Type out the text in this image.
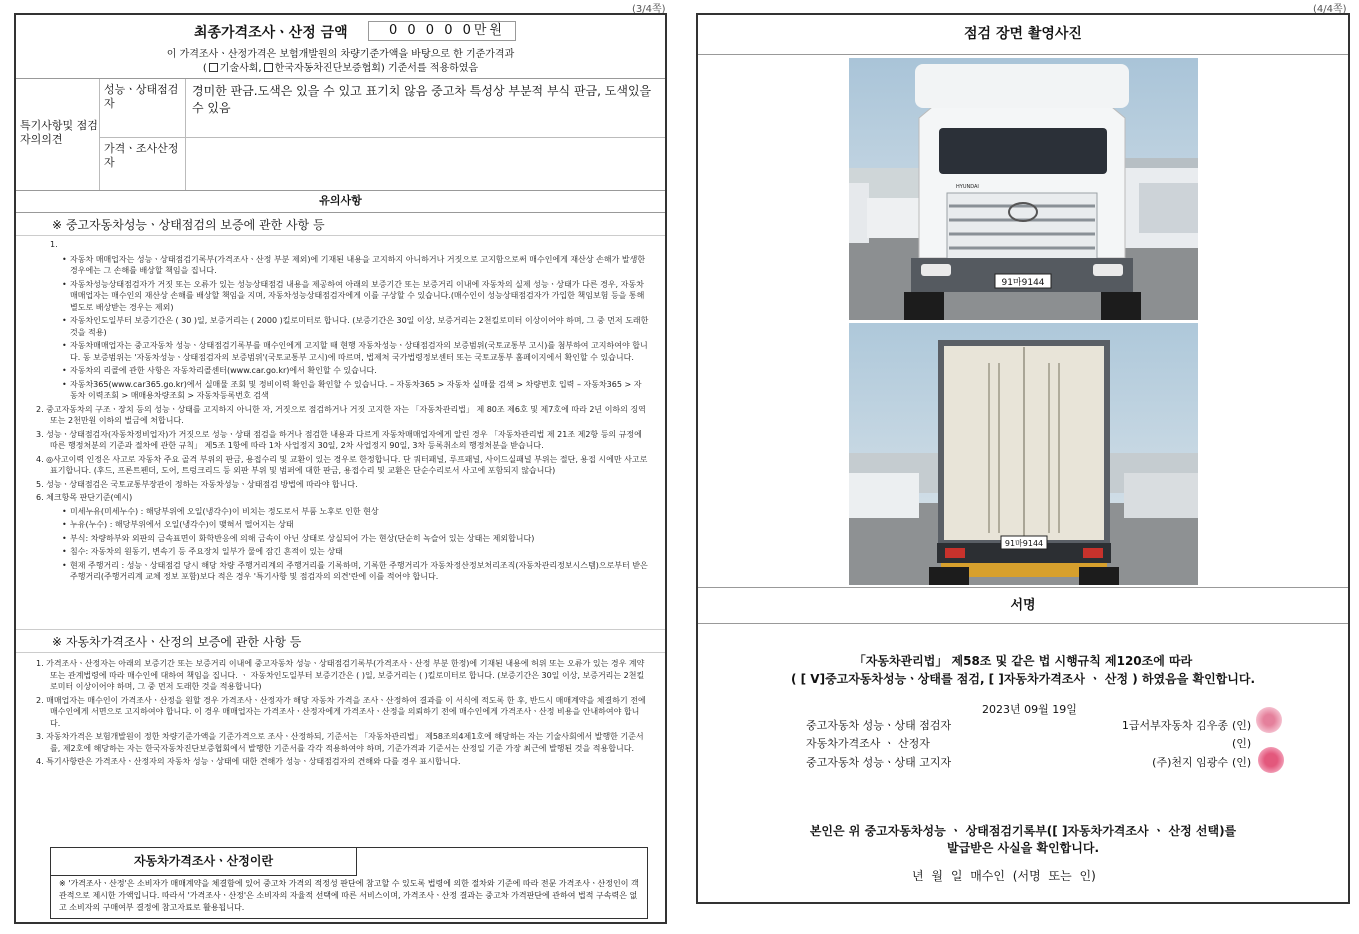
(3/4쪽)	(4/4쪽)
최종가격조사ㆍ산정 금액	0 0 0 0 0만원
이 가격조사ㆍ산정가격은 보험개발원의 차량기준가액을 바탕으로 한 기준가격과
( 기술사회, 한국자동차진단보증협회) 기준서를 적용하였음
특기사항및 점검자의의견
성능ㆍ상태점검자
경미한 판금.도색은 있을 수 있고 표기치 않음 중고차 특성상 부분적 부식 판금, 도색있을 수 있음
가격ㆍ조사산정자
유의사항
※ 중고자동차성능ㆍ상태점검의 보증에 관한 사항 등
1.
• 자동차 매매업자는 성능ㆍ상태점검기록부(가격조사ㆍ산정 부분 제외)에 기재된 내용을 고지하지 아니하거나 거짓으로 고지함으로써 매수인에게 재산상 손해가 발생한 경우에는 그 손해를 배상할 책임을 집니다.
• 자동차성능상태점검자가 거짓 또는 오류가 있는 성능상태점검 내용을 제공하여 아래의 보증기간 또는 보증거리 이내에 자동차의 실제 성능ㆍ상태가 다른 경우, 자동차매매업자는 매수인의 재산상 손해를 배상할 책임을 지며, 자동차성능상태점검자에게 이를 구상할 수 있습니다.(매수인이 성능상태점검자가 가입한 책임보험 등을 통해 별도로 배상받는 경우는 제외)
• 자동차인도일부터 보증기간은 ( 30 )일, 보증거리는 ( 2000 )킬로미터로 합니다. (보증기간은 30일 이상, 보증거리는 2천킬로미터 이상이어야 하며, 그 중 먼저 도래한 것을 적용)
• 자동차매매업자는 중고자동차 성능ㆍ상태점검기록부를 매수인에게 고지할 때 현행 자동차성능ㆍ상태점검자의 보증범위(국토교통부 고시)를 첨부하여 고지하여야 합니다. 동 보증범위는 '자동차성능ㆍ상태점검자의 보증범위'(국토교통부 고시)에 따르며, 법제처 국가법령정보센터 또는 국토교통부 홈페이지에서 확인할 수 있습니다.
• 자동차의 리콜에 관한 사항은 자동차리콜센터(www.car.go.kr)에서 확인할 수 있습니다.
• 자동차365(www.car365.go.kr)에서 실매물 조회 및 정비이력 확인을 확인할 수 있습니다. – 자동차365 > 자동차 실매물 검색 > 차량번호 입력 – 자동차365 > 자동차 이력조회 > 매매용차량조회 > 자동차등록번호 검색
2. 중고자동차의 구조ㆍ장치 등의 성능ㆍ상태를 고지하지 아니한 자, 거짓으로 점검하거나 거짓 고지한 자는 「자동차관리법」 제 80조 제6호 및 제7호에 따라 2년 이하의 징역 또는 2천만원 이하의 벌금에 처합니다.
3. 성능ㆍ상태점검자(자동차정비업자)가 거짓으로 성능ㆍ상태 점검을 하거나 점검한 내용과 다르게 자동차매매업자에게 알린 경우 「자동차관리법 제 21조 제2항 등의 규정에 따른 행정처분의 기준과 절차에 관한 규칙」 제5조 1항에 따라 1차 사업정지 30일, 2차 사업정지 90일, 3차 등록취소의 행정처분을 받습니다.
4. ◎사고이력 인정은 사고로 자동차 주요 골격 부위의 판금, 용접수리 및 교환이 있는 경우로 한정합니다. 단 쿼터패널, 루프패널, 사이드실패널 부위는 절단, 용접 시에만 사고로 표기합니다. (후드, 프론트펜더, 도어, 트렁크리드 등 외판 부위 및 범퍼에 대한 판금, 용접수리 및 교환은 단순수리로서 사고에 포함되지 않습니다)
5. 성능ㆍ상태점검은 국토교통부장관이 정하는 자동차성능ㆍ상태점검 방법에 따라야 합니다.
6. 체크항목 판단기준(예시)
• 미세누유(미세누수) : 해당부위에 오일(냉각수)이 비치는 정도로서 부품 노후로 인한 현상
• 누유(누수) : 해당부위에서 오일(냉각수)이 맺혀서 떨어지는 상태
• 부식: 차량하부와 외판의 금속표면이 화학반응에 의해 금속이 아닌 상태로 상실되어 가는 현상(단순히 녹슬어 있는 상태는 제외합니다)
• 침수: 자동차의 원동기, 변속기 등 주요장치 일부가 물에 잠긴 흔적이 있는 상태
• 현재 주행거리 : 성능ㆍ상태점검 당시 해당 차량 주행거리계의 주행거리를 기록하며, 기록한 주행거리가 자동차정산정보처리조직(자동차관리정보시스템)으로부터 받은 주행거리(주행거리계 교체 정보 포함)보다 적은 경우 '특기사항 및 점검자의 의견'란에 이를 적어야 합니다.
※ 자동차가격조사ㆍ산정의 보증에 관한 사항 등
1. 가격조사ㆍ산정자는 아래의 보증기간 또는 보증거리 이내에 중고자동차 성능ㆍ상태점검기록부(가격조사ㆍ산정 부분 한정)에 기재된 내용에 허위 또는 오류가 있는 경우 계약 또는 관계법령에 따라 매수인에 대하여 책임을 집니다. ㆍ 자동차인도일부터 보증기간은 ( )일, 보증거리는 ( )킬로미터로 합니다. (보증기간은 30일 이상, 보증거리는 2천킬로미터 이상이어야 하며, 그 중 먼저 도래한 것을 적용합니다)
2. 매매업자는 매수인이 가격조사ㆍ산정을 원할 경우 가격조사ㆍ산정자가 해당 자동차 가격을 조사ㆍ산정하여 결과를 이 서식에 적도록 한 후, 반드시 매매계약을 체결하기 전에 매수인에게 서면으로 고지하여야 합니다. 이 경우 매매업자는 가격조사ㆍ산정자에게 가격조사ㆍ산정을 의뢰하기 전에 매수인에게 가격조사ㆍ산정 비용을 안내하여야 합니다.
3. 자동차가격은 보험개발원이 정한 차량기준가액을 기준가격으로 조사ㆍ산정하되, 기준서는 「자동차관리법」 제58조의4제1호에 해당하는 자는 기술사회에서 발행한 기준서를, 제2호에 해당하는 자는 한국자동차진단보증협회에서 발행한 기준서를 각각 적용하여야 하며, 기준가격과 기준서는 산정일 기준 가장 최근에 발행된 것을 적용합니다.
4. 특기사항란은 가격조사ㆍ산정자의 자동차 성능ㆍ상태에 대한 견해가 성능ㆍ상태점검자의 견해와 다를 경우 표시합니다.
자동차가격조사ㆍ산정이란
※ '가격조사ㆍ산정'은 소비자가 매매계약을 체결함에 있어 중고차 가격의 적정성 판단에 참고할 수 있도록 법령에 의한 절차와 기준에 따라 전문 가격조사ㆍ산정인이 객관적으로 제시한 가액입니다. 따라서 '가격조사ㆍ산정'은 소비자의 자율적 선택에 따른 서비스이며, 가격조사ㆍ산정 결과는 중고차 가격판단에 관하여 법적 구속력은 없고 소비자의 구매여부 결정에 참고자료로 활용됩니다.
점검 장면 촬영사진
91마9144
HYUNDAI
91마9144
서명
「자동차관리법」 제58조 및 같은 법 시행규칙 제120조에 따라
( [ V]중고자동차성능ㆍ상태를 점검, [ ]자동차가격조사 ㆍ 산정 ) 하였음을 확인합니다.
2023년 09월 19일
중고자동차 성능ㆍ상태 점검자	1급서부자동차 김우종 (인)
자동차가격조사 ㆍ 산정자	(인)
중고자동차 성능ㆍ상태 고지자	(주)천지 임광수 (인)
본인은 위 중고자동차성능 ㆍ 상태점검기록부([ ]자동차가격조사 ㆍ 산정 선택)를
발급받은 사실을 확인합니다.
년 월 일 매수인 (서명 또는 인)
